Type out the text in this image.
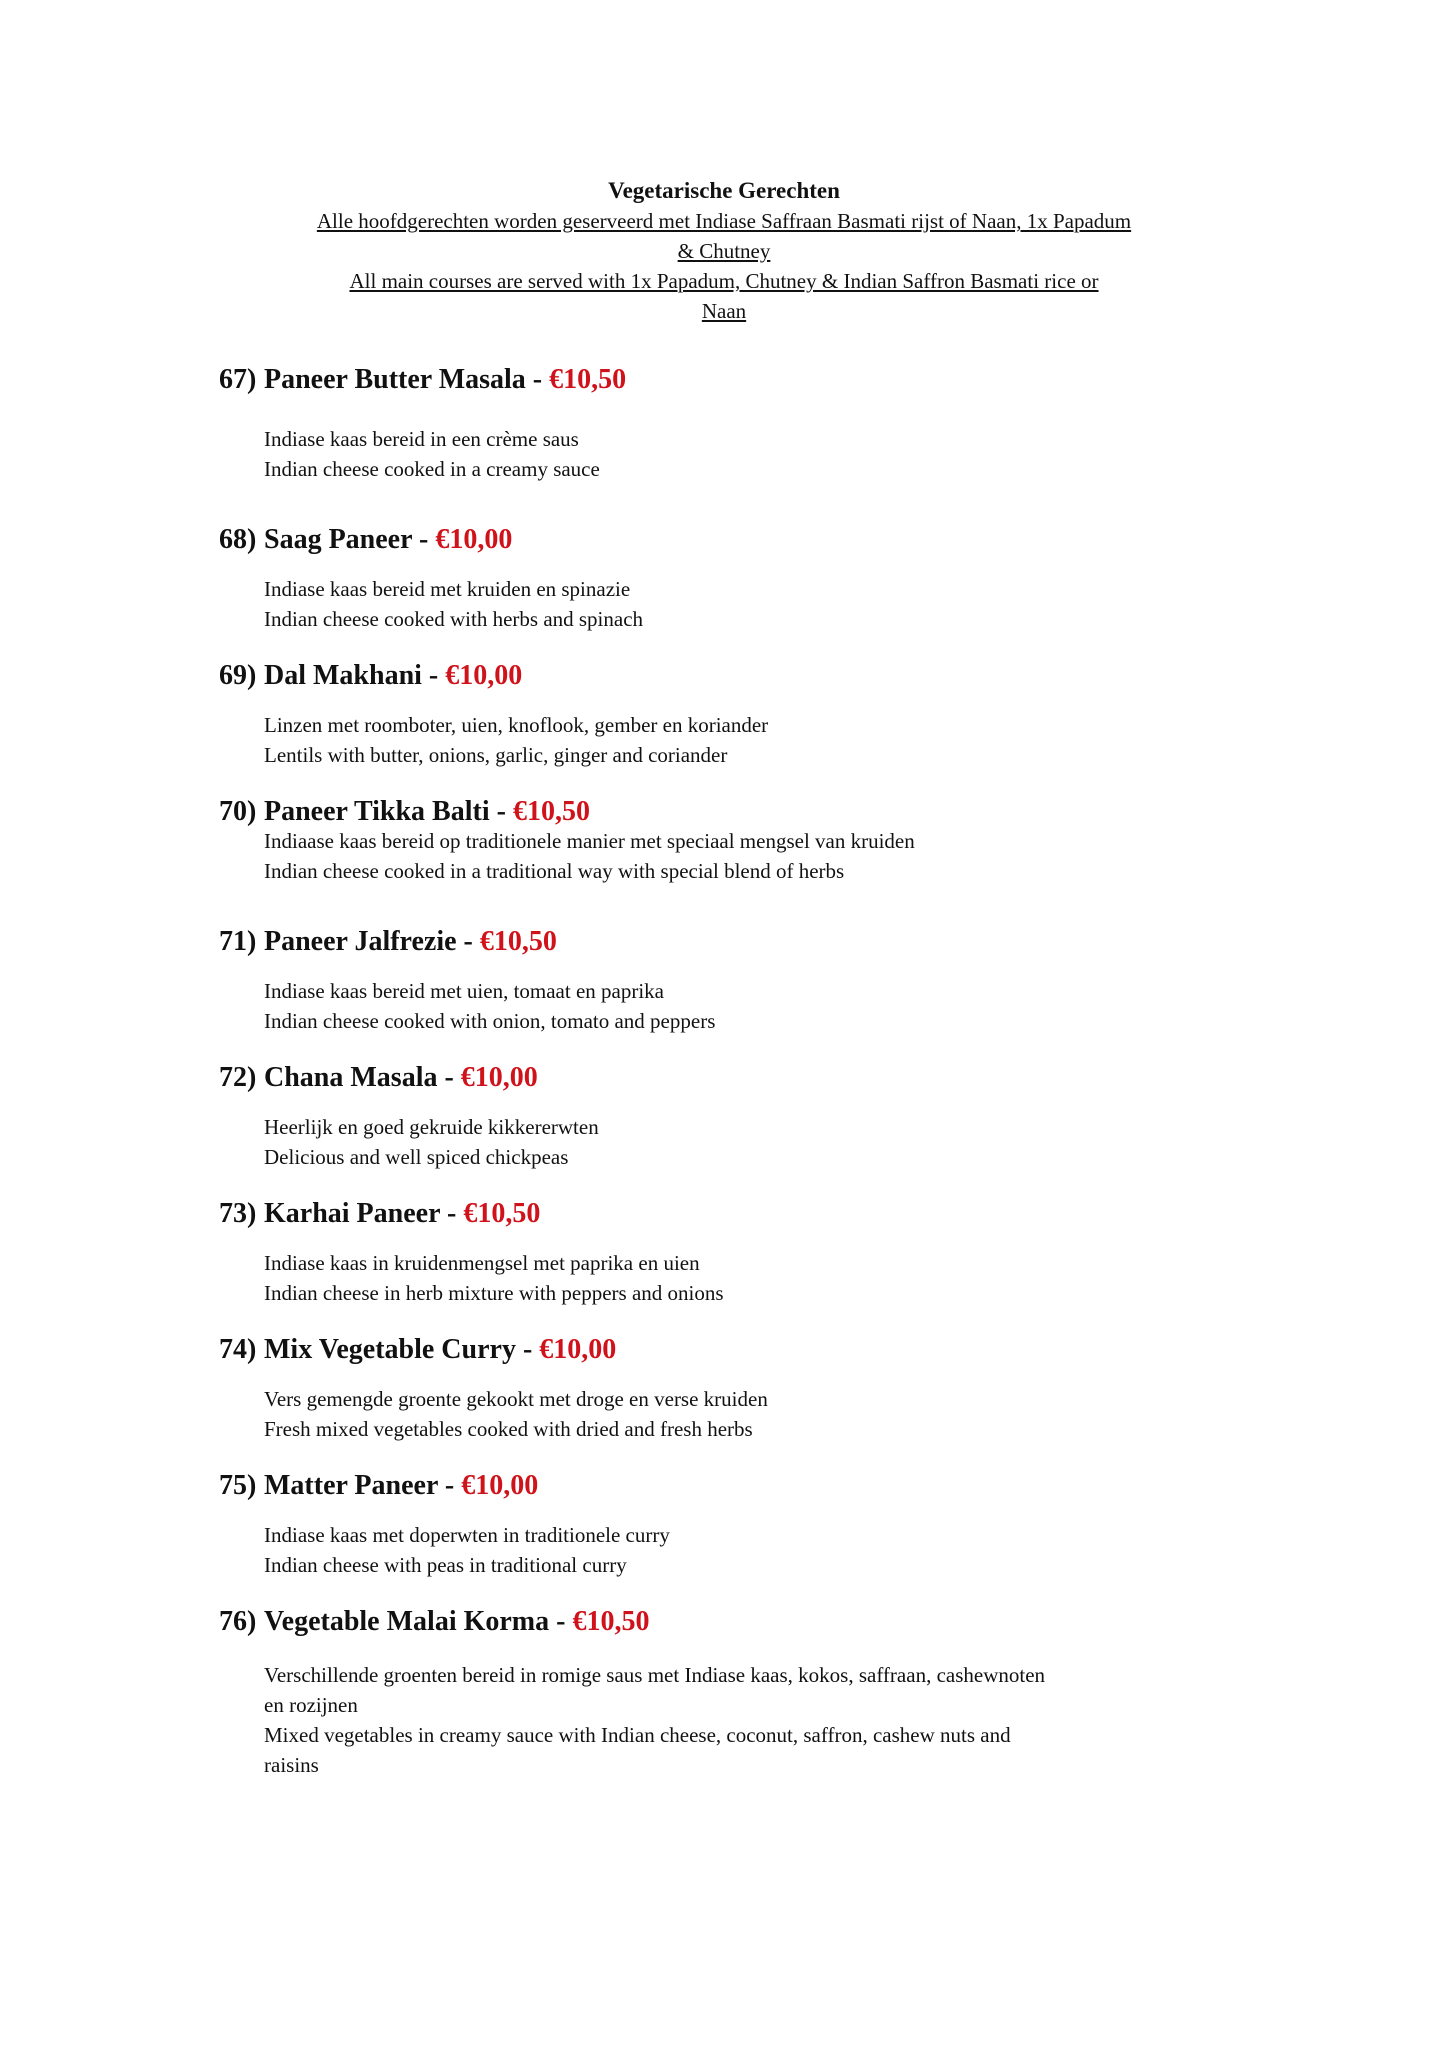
Vegetarische Gerechten
Alle hoofdgerechten worden geserveerd met Indiase Saffraan Basmati rijst of Naan, 1x Papadum
& Chutney
All main courses are served with 1x Papadum, Chutney & Indian Saffron Basmati rice or
Naan
67) Paneer Butter Masala - €10,50
Indiase kaas bereid in een crème saus
Indian cheese cooked in a creamy sauce
68) Saag Paneer - €10,00
Indiase kaas bereid met kruiden en spinazie
Indian cheese cooked with herbs and spinach
69) Dal Makhani - €10,00
Linzen met roomboter, uien, knoflook, gember en koriander
Lentils with butter, onions, garlic, ginger and coriander
70) Paneer Tikka Balti - €10,50
Indiaase kaas bereid op traditionele manier met speciaal mengsel van kruiden
Indian cheese cooked in a traditional way with special blend of herbs
71) Paneer Jalfrezie - €10,50
Indiase kaas bereid met uien, tomaat en paprika
Indian cheese cooked with onion, tomato and peppers
72) Chana Masala - €10,00
Heerlijk en goed gekruide kikkererwten
Delicious and well spiced chickpeas
73) Karhai Paneer - €10,50
Indiase kaas in kruidenmengsel met paprika en uien
Indian cheese in herb mixture with peppers and onions
74) Mix Vegetable Curry - €10,00
Vers gemengde groente gekookt met droge en verse kruiden
Fresh mixed vegetables cooked with dried and fresh herbs
75) Matter Paneer - €10,00
Indiase kaas met doperwten in traditionele curry
Indian cheese with peas in traditional curry
76) Vegetable Malai Korma - €10,50
Verschillende groenten bereid in romige saus met Indiase kaas, kokos, saffraan, cashewnoten
en rozijnen
Mixed vegetables in creamy sauce with Indian cheese, coconut, saffron, cashew nuts and
raisins
